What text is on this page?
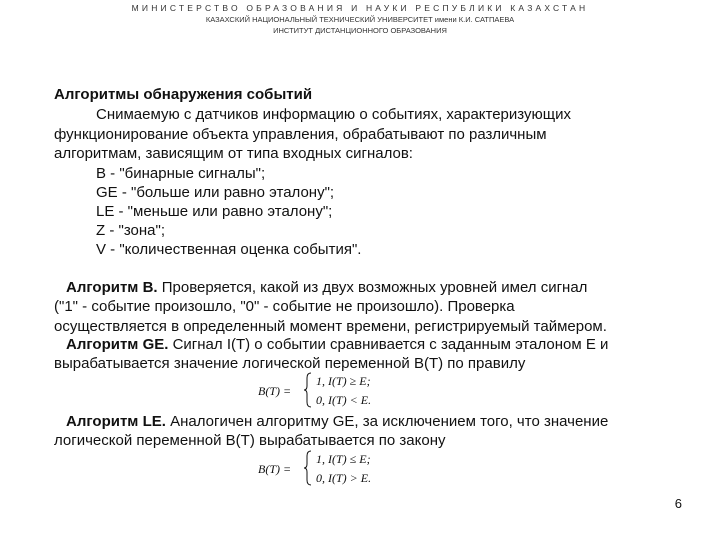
МИНИСТЕРСТВО ОБРАЗОВАНИЯ И НАУКИ РЕСПУБЛИКИ КАЗАХСТАН
КАЗАХСКИЙ НАЦИОНАЛЬНЫЙ ТЕХНИЧЕСКИЙ УНИВЕРСИТЕТ имени К.И. САТПАЕВА
ИНСТИТУТ ДИСТАНЦИОННОГО ОБРАЗОВАНИЯ
Алгоритмы обнаружения событий
Снимаемую с датчиков информацию о событиях, характеризующих
функционирование объекта управления, обрабатывают по различным
алгоритмам, зависящим от типа входных сигналов:
B - "бинарные сигналы";
GE - "больше или равно эталону";
LE - "меньше или равно эталону";
Z - "зона";
V - "количественная оценка события".
Алгоритм B. Проверяется, какой из двух возможных уровней имел сигнал
("1" - событие произошло, "0" - событие не произошло). Проверка
осуществляется в определенный момент времени, регистрируемый таймером.
Алгоритм GE. Сигнал I(T) о событии сравнивается с заданным эталоном E и
вырабатывается значение логической переменной B(T) по правилу
B(T) =
1, I(T) ≥ E;
0, I(T) < E.
Алгоритм LE. Аналогичен алгоритму GE, за исключением того, что значение
логической переменной B(T) вырабатывается по закону
B(T) =
1, I(T) ≤ E;
0, I(T) > E.
6
